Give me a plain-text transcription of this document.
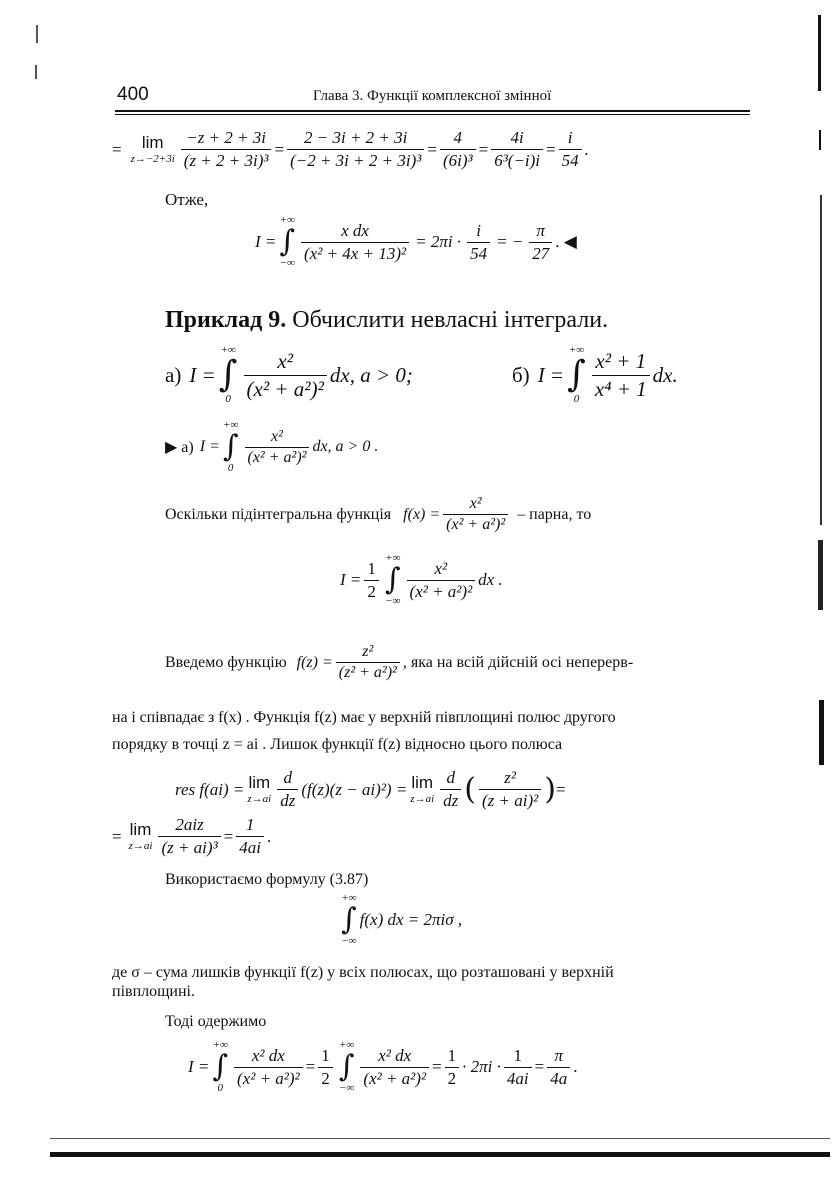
400	Глава 3. Функції комплексної змінної
= lim
$z\to-2+3i \frac{-z + 2 + 3i}{\text{(z + 2 + 3i)³}} = \frac{2 - 3i + 2 + 3i}{\text{(−2 + 3i + 2 + 3i)³}} = \frac{4}{\text{(6i)³}} = \frac{4i}{\text{6³(−i)i}} = \frac{i}{54}$ .
Отже,
I =
+∞
∫
−∞ $\frac{\text{x dx}}{\text{(x² + 4x + 13)²}} = 2\pi i \cdot \frac{i}{54}$ = − $\frac{\pi}{27}$ . ◀
Приклад 9. Обчислити невласні інтеграли.
а) I =
+∞
∫
$0 \frac{\text{x²}}{\text{(x² + a²)²}}$ dx, a > 0;	б) I =
+∞
∫
$0 \frac{\text{x² + 1}}{\text{x⁴ + 1}}$ dx.
▶ а) I =
+∞
∫
0
$\frac{\text{x²}}{\text{(x² + a²)²}}$ dx, a > 0 .
Оскільки підінтегральна функція $f(x) = \frac{\text{x²}}{\text{(x² + a²)²}}$ – парна, то
$I = \frac{1}{2}$
+∞
∫
−∞ $\frac{\text{x²}}{\text{(x² + a²)²}}$ dx .
Введемо функцію $f(z) = \frac{\text{z²}}{\text{(z² + a²)²}}$ , яка на всій дійсній осі неперерв-
на і співпадає з f(x) . Функція f(z) має у верхній півплощині полюс другого
порядку в точці z = ai . Лишок функції f(z) відносно цього полюса
res f(ai) = lim
$z\to ai \frac{d}{dz} (f(z)(z - ai)^2) = \lim$
$z\to ai \frac{d}{dz}$ ( $\frac{\text{z²}}{\text{(z + ai)²}}$ ) =
= lim
$z\to ai \frac{\text{2aiz}}{\text{(z + ai)³}} = \frac{1}{4ai}$ .
Використаємо формулу (3.87)
+∞
∫
−∞
f(x) dx = 2πiσ ,
де σ – сума лишків функції f(z) у всіх полюсах, що розташовані у верхній
півплощині.
Тоді одержимо
I =
+∞
∫
$0 \frac{\text{x² dx}}{\text{(x² + a²)²}} = \frac{1}{2}$
+∞
∫
−∞ $\frac{\text{x² dx}}{\text{(x² + a²)²}} = \frac{1}{2} \cdot 2\pi i \cdot \frac{1}{4ai} = \frac{\pi}{4a}$ .
